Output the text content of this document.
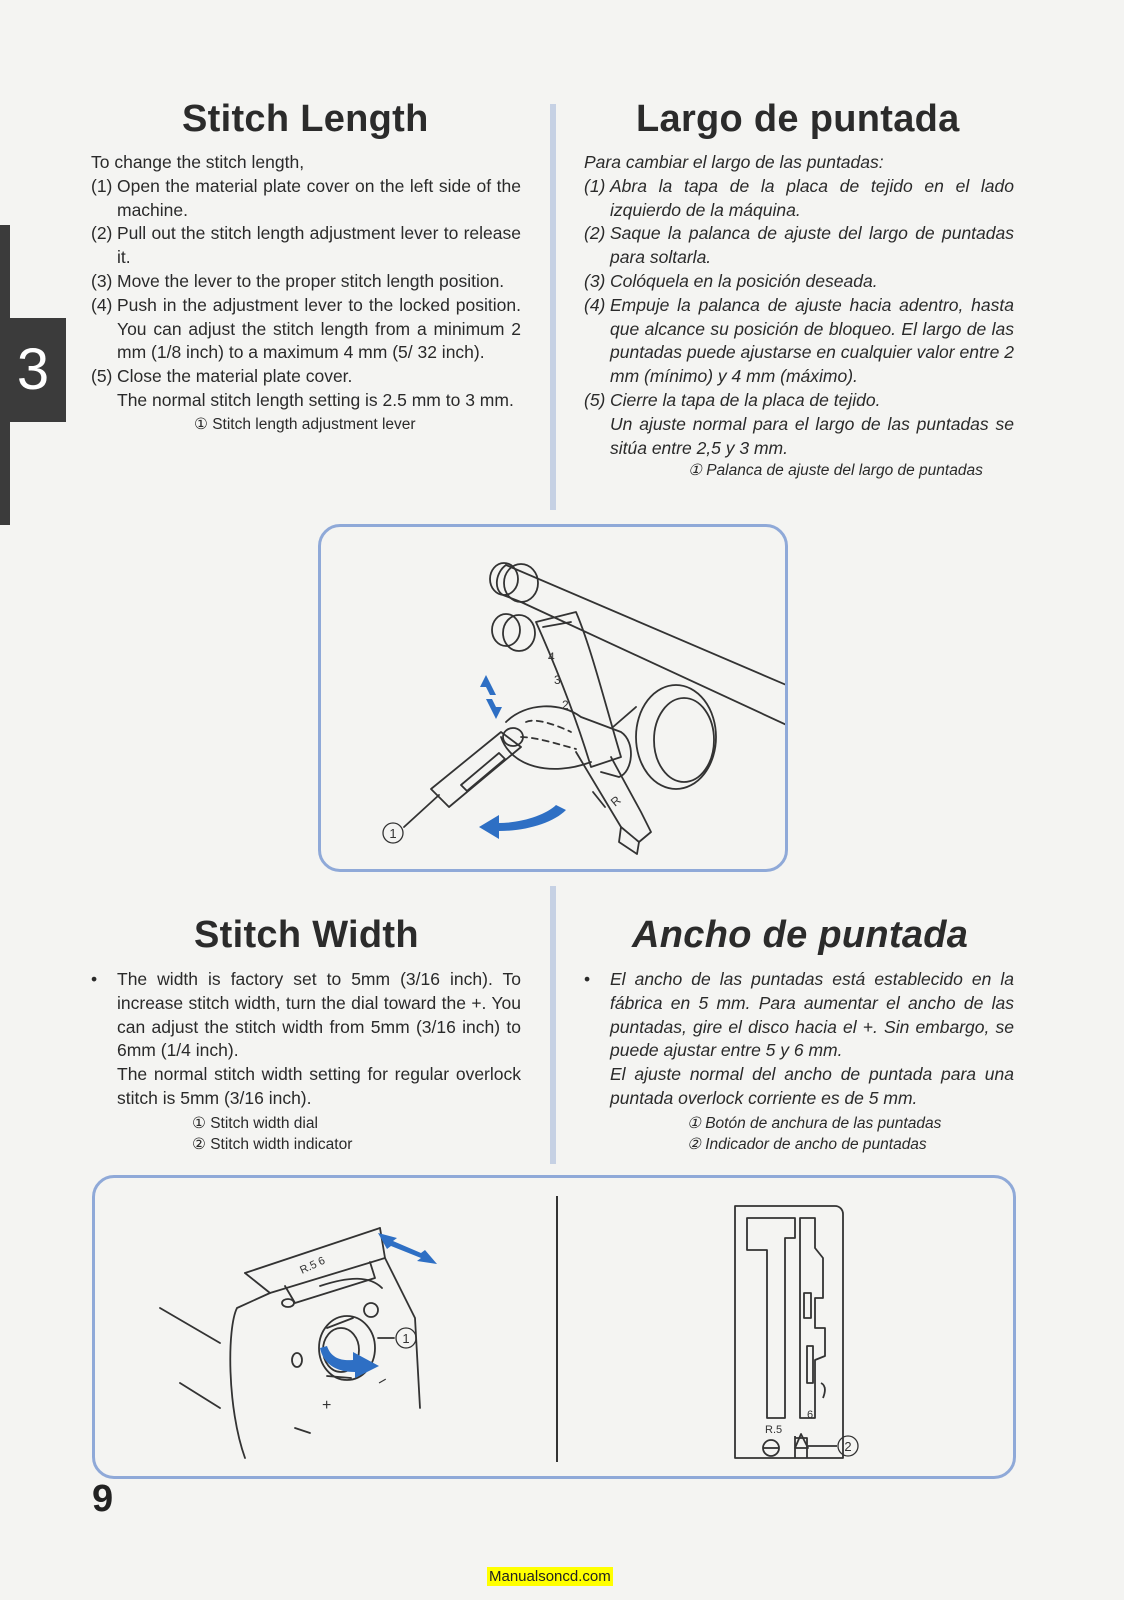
3
Stitch Length

To change the stitch length,

(1) Open the material plate cover on the left side of the machine.
(2) Pull out the stitch length adjustment lever to release it.
(3) Move the lever to the proper stitch length position.
(4) Push in the adjustment lever to the locked position. You can adjust the stitch length from a minimum 2 mm (1/8 inch) to a maximum 4 mm (5/ 32 inch).
(5) Close the material plate cover.

The normal stitch length setting is 2.5 mm to 3 mm.

① Stitch length adjustment lever

Largo de puntada

Para cambiar el largo de las puntadas:

(1) Abra la tapa de la placa de tejido en el lado izquierdo de la máquina.
(2) Saque la palanca de ajuste del largo de puntadas para soltarla.
(3) Colóquela en la posición deseada.
(4) Empuje la palanca de ajuste hacia adentro, hasta que alcance su posición de bloqueo. El largo de las puntadas puede ajustarse en cualquier valor entre 2 mm (mínimo) y 4 mm (máximo).
(5) Cierre la tapa de la placa de tejido.

Un ajuste normal para el largo de las puntadas se sitúa entre 2,5 y 3 mm.

① Palanca de ajuste del largo de puntadas

4
3
2
R
1
Stitch Width
•	The width is factory set to 5mm (3/16 inch). To increase stitch width, turn the dial toward the +. You can adjust the stitch width from 5mm (3/16 inch) to 6mm (1/4 inch).
The normal stitch width setting for regular overlock stitch is 5mm (3/16 inch).

① Stitch width dial

② Stitch width indicator

Ancho de puntada
•	El ancho de las puntadas está establecido en la fábrica en 5 mm. Para aumentar el ancho de las puntadas, gire el disco hacia el +. Sin embargo, se puede ajustar entre 5 y 6 mm.
El ajuste normal del ancho de puntada para una puntada overlock corriente es de 5 mm.

① Botón de anchura de las puntadas

② Indicador de ancho de puntadas

R.5 6
+
−
1
6
R.5
2
9
Manualsoncd.com
